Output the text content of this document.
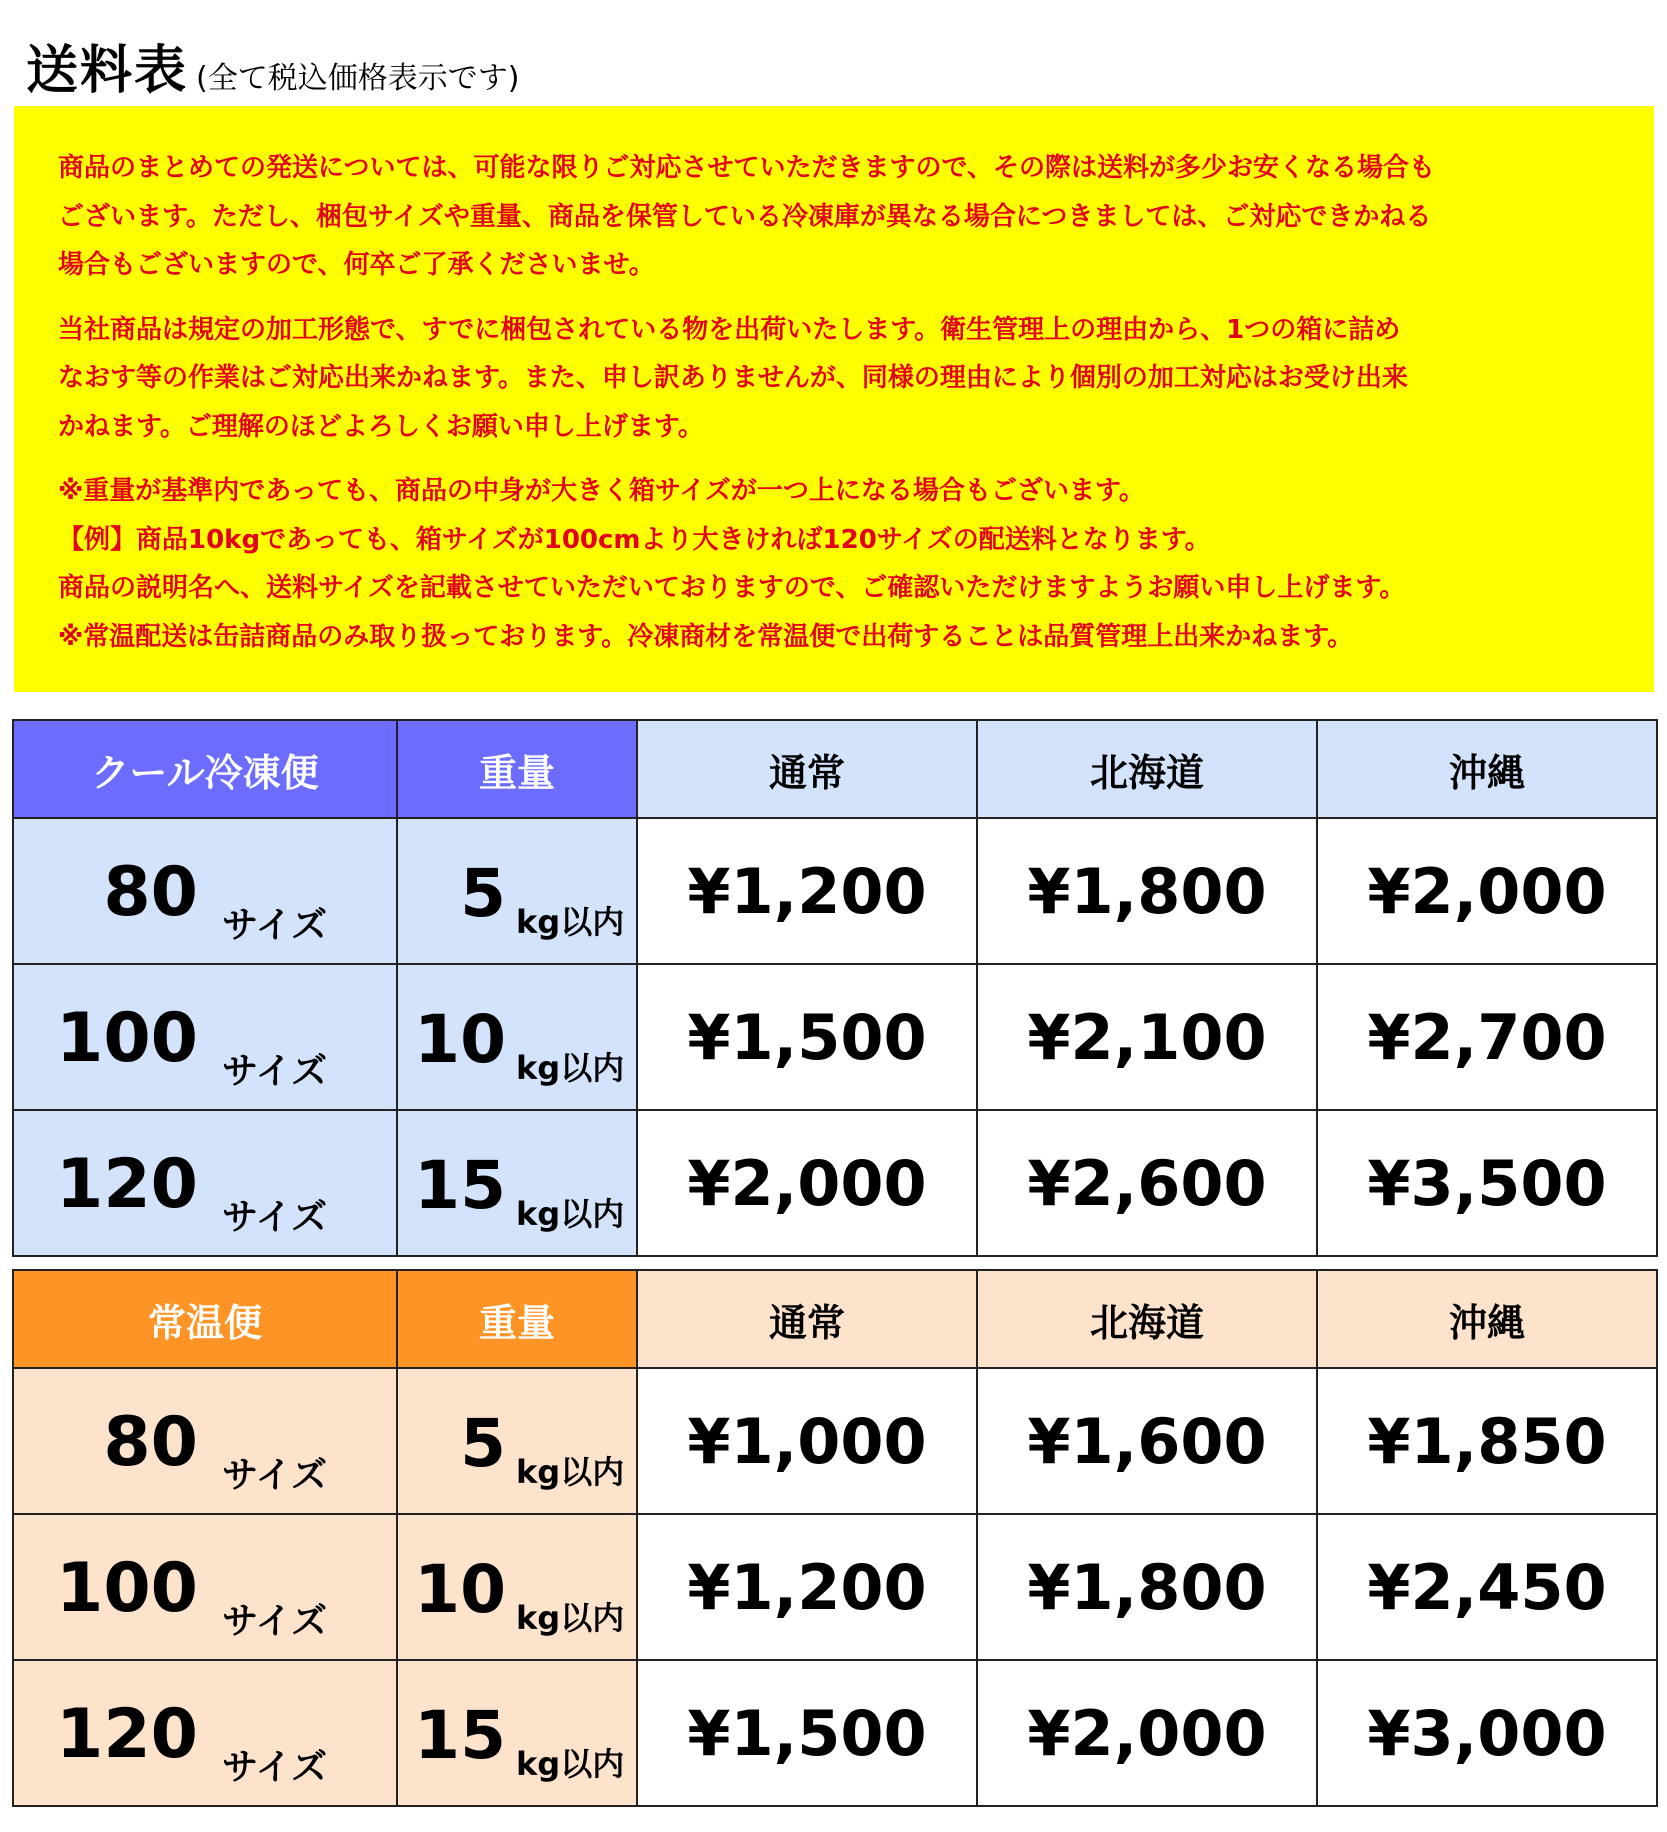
送料表 (全て税込価格表示です)

商品のまとめての発送については、可能な限りご対応させていただきますので、その際は送料が多少お安くなる場合も

ございます。ただし、梱包サイズや重量、商品を保管している冷凍庫が異なる場合につきましては、ご対応できかねる

場合もございますので、何卒ご了承くださいませ。

当社商品は規定の加工形態で、すでに梱包されている物を出荷いたします。衛生管理上の理由から、1つの箱に詰め

なおす等の作業はご対応出来かねます。また、申し訳ありませんが、同様の理由により個別の加工対応はお受け出来

かねます。ご理解のほどよろしくお願い申し上げます。

※重量が基準内であっても、商品の中身が大きく箱サイズが一つ上になる場合もございます。

【例】商品10kgであっても、箱サイズが100cmより大きければ120サイズの配送料となります。

商品の説明名へ、送料サイズを記載させていただいておりますので、ご確認いただけますようお願い申し上げます。

※常温配送は缶詰商品のみ取り扱っております。冷凍商材を常温便で出荷することは品質管理上出来かねます。

クール冷凍便	重量	通常	北海道	沖縄

80 サイズ	5 kg以内	¥1,200	¥1,800	¥2,000

100 サイズ	10 kg以内	¥1,500	¥2,100	¥2,700

120 サイズ	15 kg以内	¥2,000	¥2,600	¥3,500
常温便	重量	通常	北海道	沖縄

80 サイズ	5 kg以内	¥1,000	¥1,600	¥1,850

100 サイズ	10 kg以内	¥1,200	¥1,800	¥2,450

120 サイズ	15 kg以内	¥1,500	¥2,000	¥3,000
